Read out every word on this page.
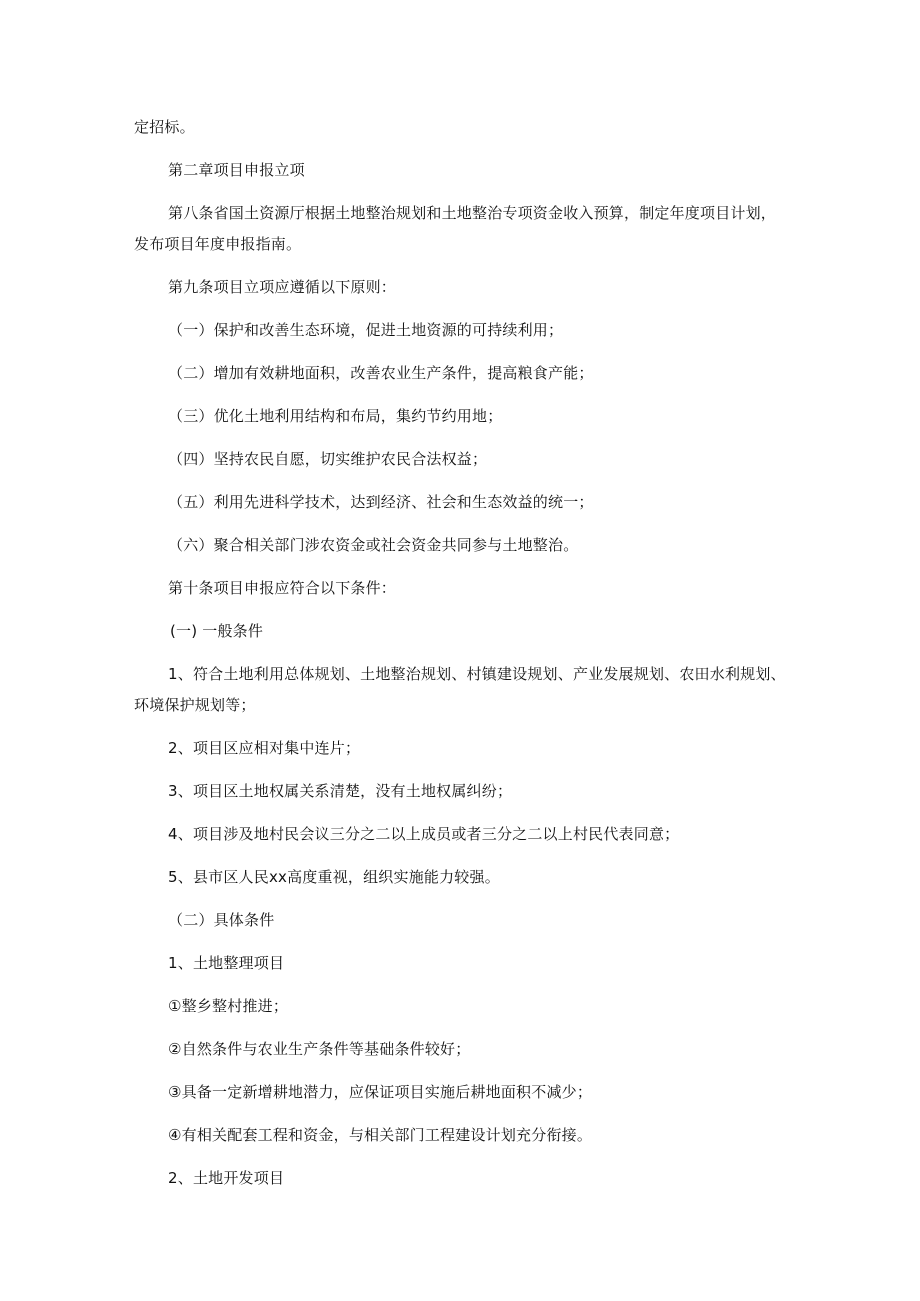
定招标。
第二章项目申报立项
第八条省国土资源厅根据土地整治规划和土地整治专项资金收入预算，制定年度项目计划，
发布项目年度申报指南。
第九条项目立项应遵循以下原则：
（一）保护和改善生态环境，促进土地资源的可持续利用；
（二）增加有效耕地面积，改善农业生产条件，提高粮食产能；
（三）优化土地利用结构和布局，集约节约用地；
（四）坚持农民自愿，切实维护农民合法权益；
（五）利用先进科学技术，达到经济、社会和生态效益的统一；
（六）聚合相关部门涉农资金或社会资金共同参与土地整治。
第十条项目申报应符合以下条件：
(一) 一般条件
1、符合土地利用总体规划、土地整治规划、村镇建设规划、产业发展规划、农田水利规划、
环境保护规划等；
2、项目区应相对集中连片；
3、项目区土地权属关系清楚，没有土地权属纠纷；
4、项目涉及地村民会议三分之二以上成员或者三分之二以上村民代表同意；
5、县市区人民xx高度重视，组织实施能力较强。
（二）具体条件
1、土地整理项目
①整乡整村推进；
②自然条件与农业生产条件等基础条件较好；
③具备一定新增耕地潜力，应保证项目实施后耕地面积不减少；
④有相关配套工程和资金，与相关部门工程建设计划充分衔接。
2、土地开发项目
